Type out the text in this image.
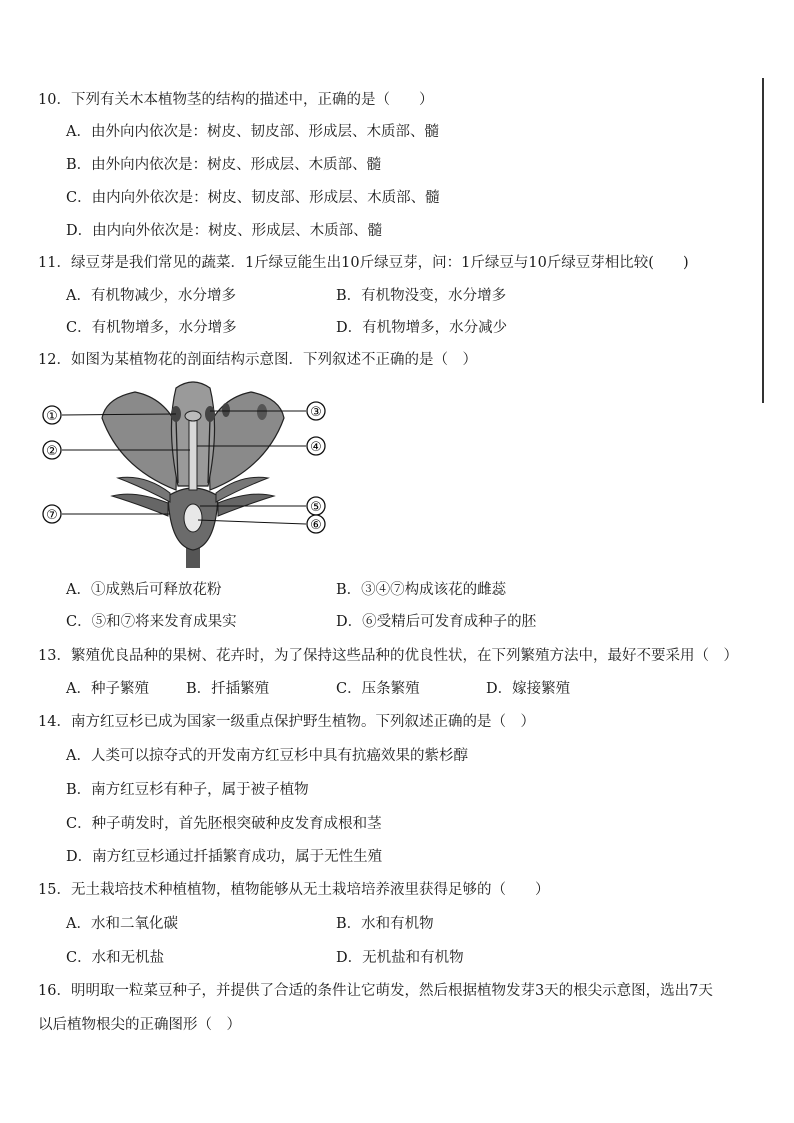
10．下列有关木本植物茎的结构的描述中，正确的是（　　）
A．由外向内依次是：树皮、韧皮部、形成层、木质部、髓
B．由外向内依次是：树皮、形成层、木质部、髓
C．由内向外依次是：树皮、韧皮部、形成层、木质部、髓
D．由内向外依次是：树皮、形成层、木质部、髓
11．绿豆芽是我们常见的蔬菜．1斤绿豆能生出10斤绿豆芽，问：1斤绿豆与10斤绿豆芽相比较(　　)
A．有机物减少，水分增多	B．有机物没变，水分增多
C．有机物增多，水分增多	D．有机物增多，水分减少
12．如图为某植物花的剖面结构示意图．下列叙述不正确的是（　）
①
②
③
④
⑤
⑥
⑦
A．①成熟后可释放花粉	B．③④⑦构成该花的雌蕊
C．⑤和⑦将来发育成果实	D．⑥受精后可发育成种子的胚
13．繁殖优良品种的果树、花卉时，为了保持这些品种的优良性状，在下列繁殖方法中，最好不要采用（　）
A．种子繁殖	B．扦插繁殖	C．压条繁殖	D．嫁接繁殖
14．南方红豆杉已成为国家一级重点保护野生植物。下列叙述正确的是（　）
A．人类可以掠夺式的开发南方红豆杉中具有抗癌效果的紫杉醇
B．南方红豆杉有种子，属于被子植物
C．种子萌发时，首先胚根突破种皮发育成根和茎
D．南方红豆杉通过扦插繁育成功，属于无性生殖
15．无土栽培技术种植植物，植物能够从无土栽培培养液里获得足够的（　　）
A．水和二氧化碳	B．水和有机物
C．水和无机盐	D．无机盐和有机物
16．明明取一粒菜豆种子，并提供了合适的条件让它萌发，然后根据植物发芽3天的根尖示意图，选出7天
以后植物根尖的正确图形（　）
